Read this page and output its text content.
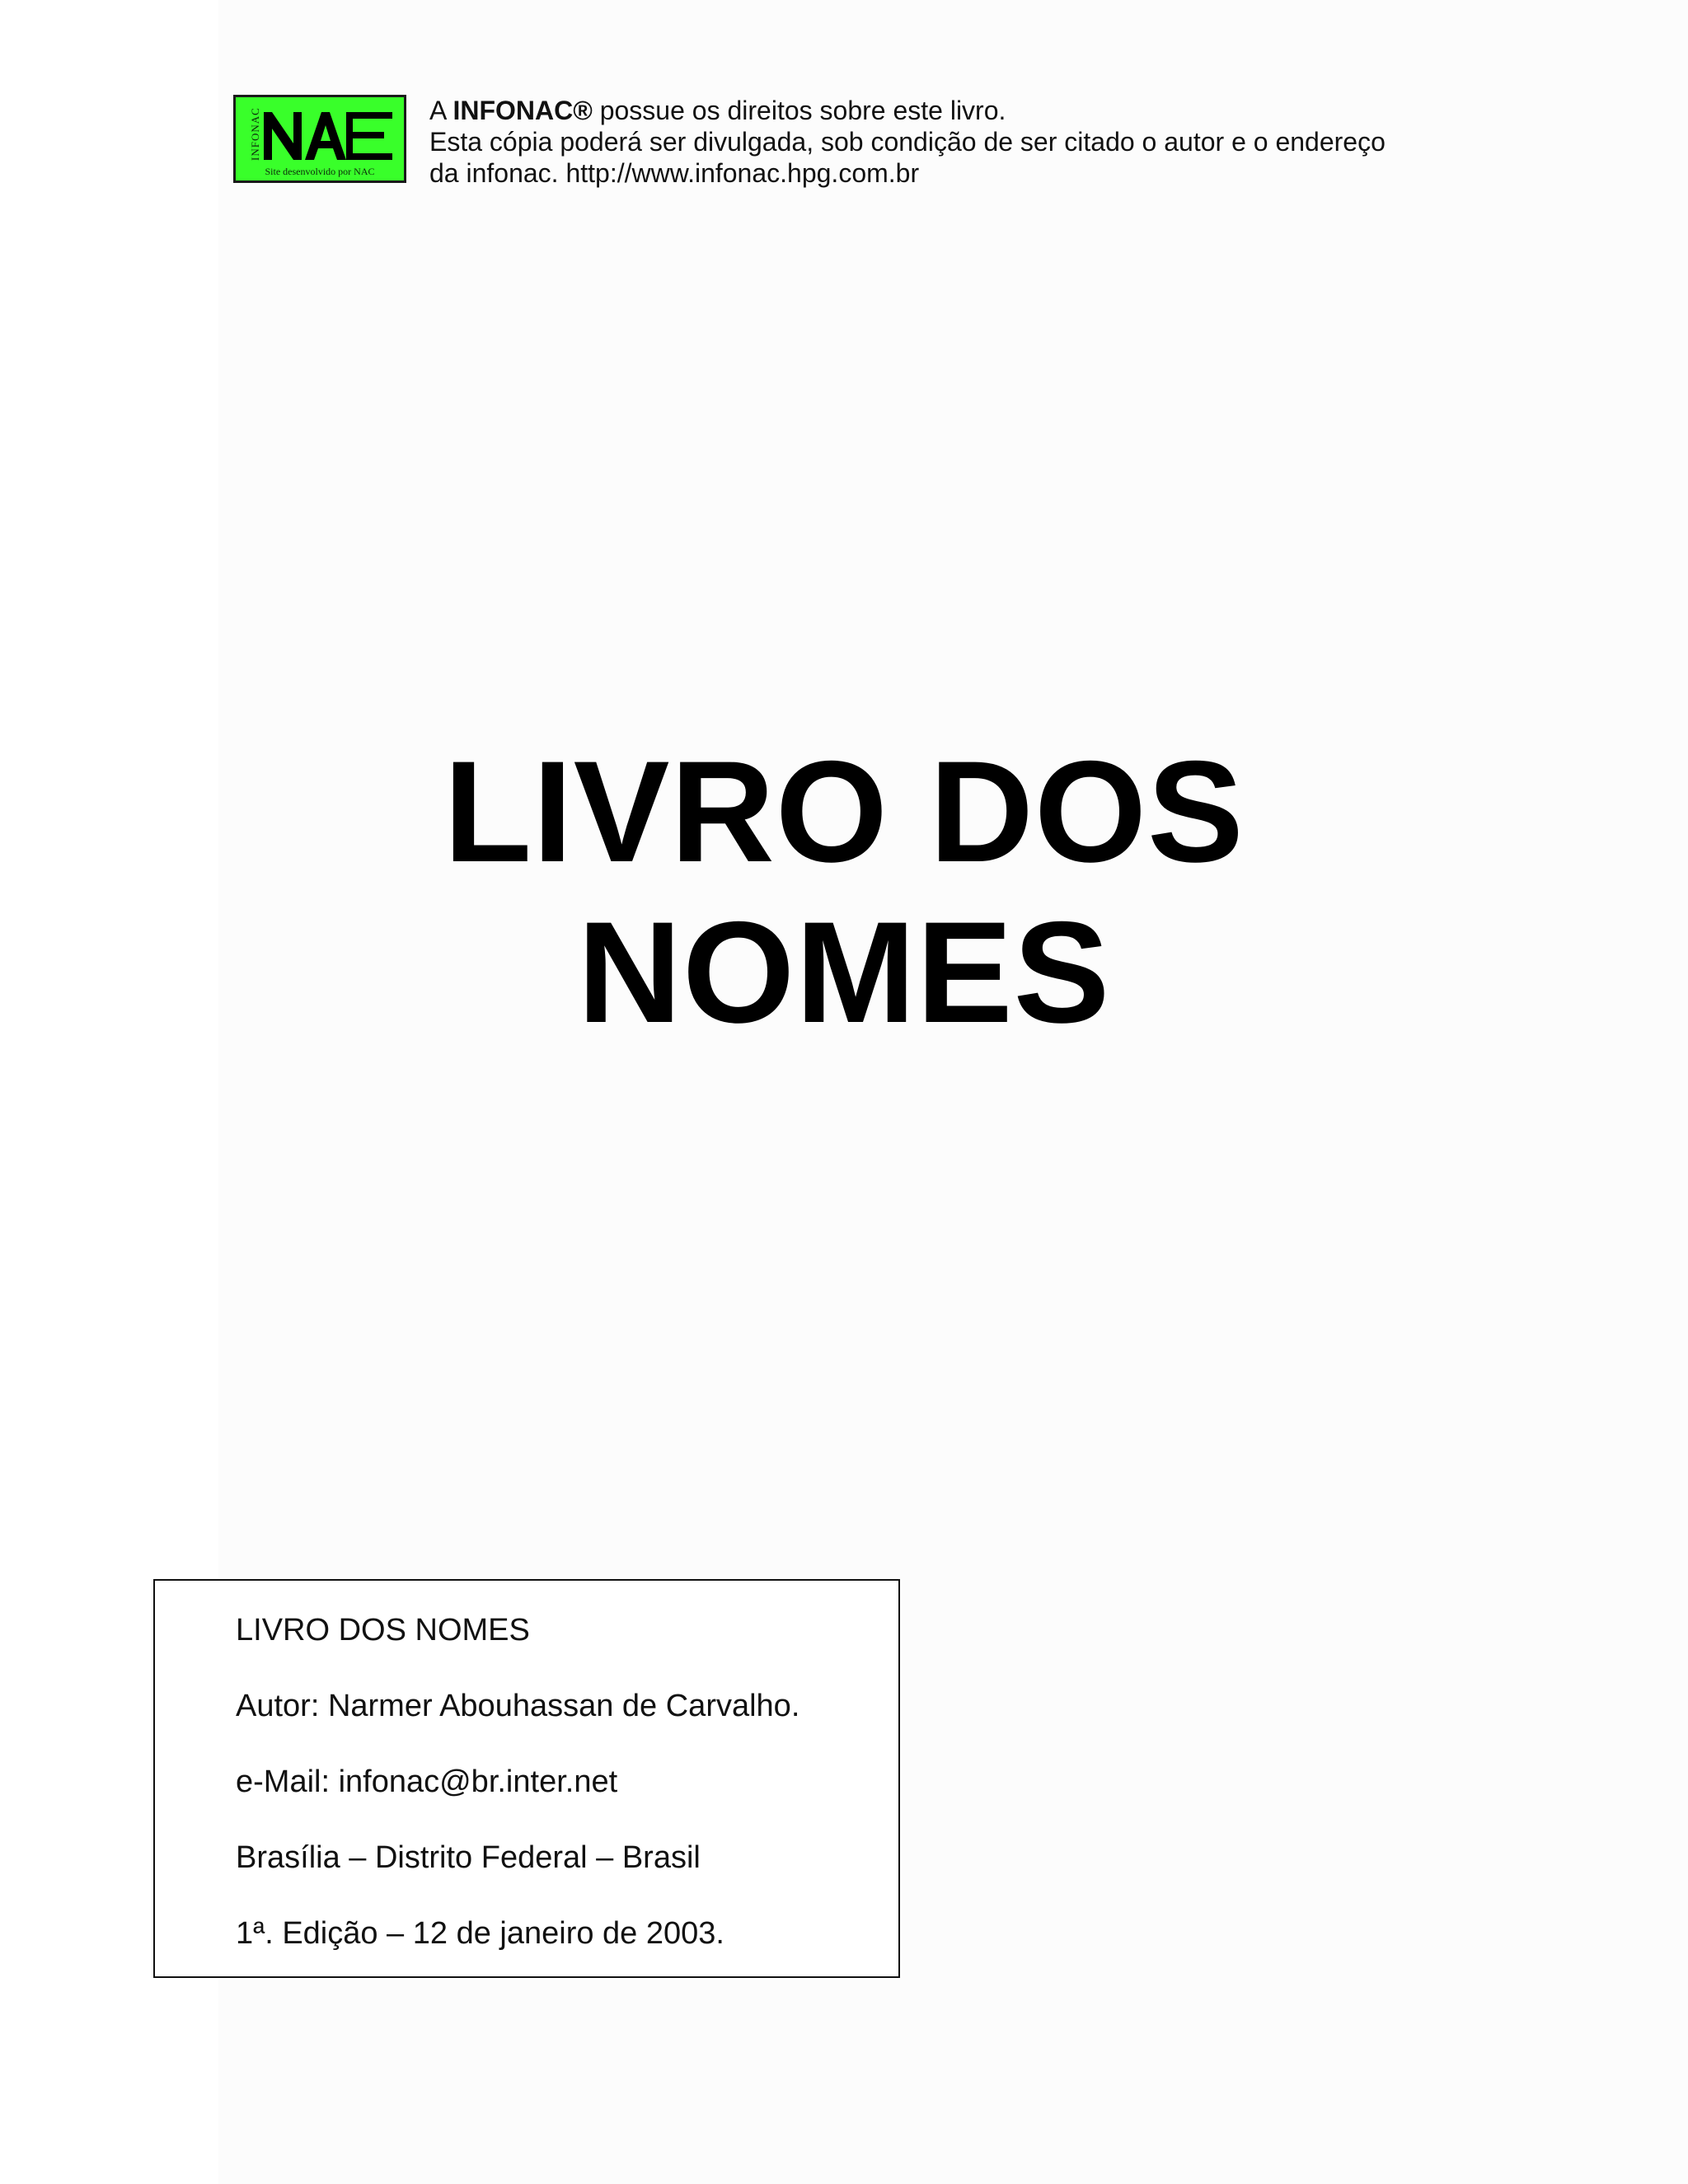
INFONAC
Site desenvolvido por NAC

A INFONAC® possue os direitos sobre este livro.

Esta cópia poderá ser divulgada, sob condição de ser citado o autor e o endereço

da infonac. http://www.infonac.hpg.com.br

LIVRO DOS
NOMES
LIVRO DOS NOMES
Autor: Narmer Abouhassan de Carvalho.
e-Mail: infonac@br.inter.net
Brasília – Distrito Federal – Brasil
1ª. Edição – 12 de janeiro de 2003.
